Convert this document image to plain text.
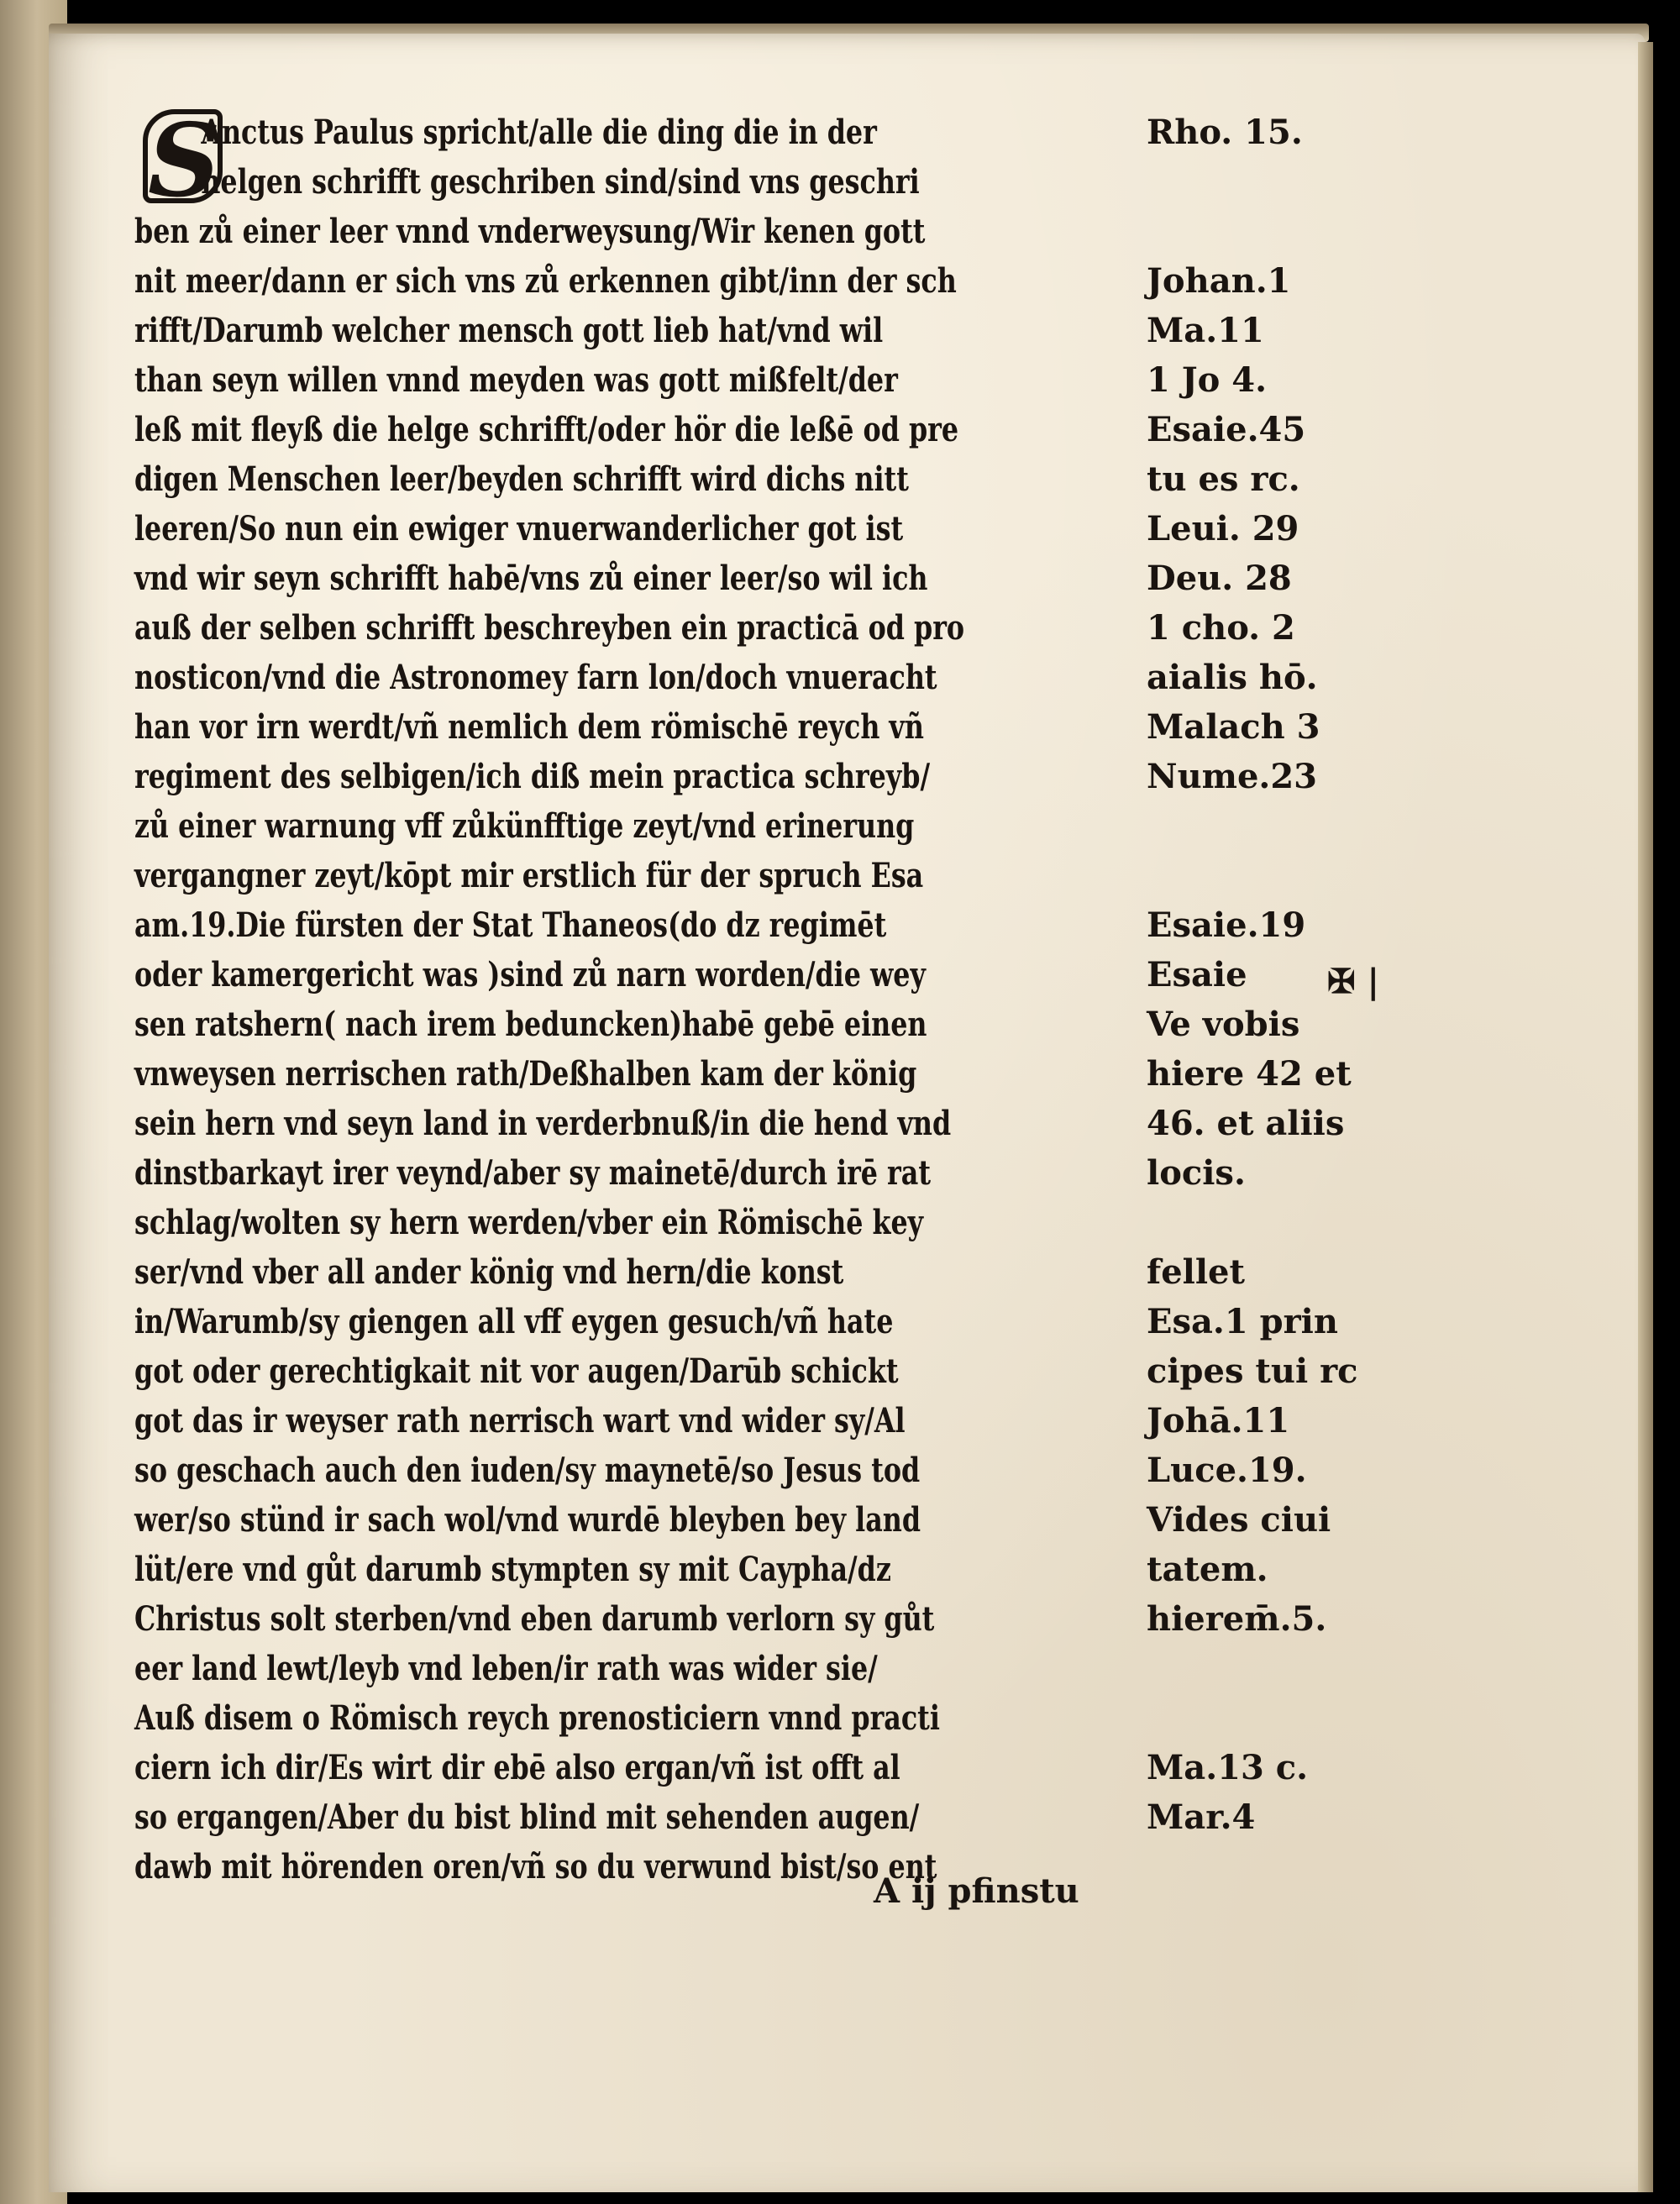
S
Anctus Paulus spricht/alle die ding die in der
helgen schrifft geschriben sind/sind vns geschri
ben zů einer leer vnnd vnderweysung/Wir kenen gott
nit meer/dann er sich vns zů erkennen gibt/inn der sch
rifft/Darumb welcher mensch gott lieb hat/vnd wil
than seyn willen vnnd meyden was gott mißfelt/der
leß mit fleyß die helge schrifft/oder hör die leßē od pre
digen Menschen leer/beyden schrifft wird dichs nitt
leeren/So nun ein ewiger vnuerwanderlicher got ist
vnd wir seyn schrifft habē/vns zů einer leer/so wil ich
auß der selben schrifft beschreyben ein practicā od pro
nosticon/vnd die Astronomey farn lon/doch vnueracht
han vor irn werdt/vñ nemlich dem römischē reych vñ
regiment des selbigen/ich diß mein practica schreyb/
zů einer warnung vff zůkünfftige zeyt/vnd erinerung
vergangner zeyt/kōpt mir erstlich für der spruch Esa
am.19.Die fürsten der Stat Thaneos(do dz regimēt
oder kamergericht was )sind zů narn worden/die wey
sen ratshern( nach irem beduncken)habē gebē einen
vnweysen nerrischen rath/Deßhalben kam der könig
sein hern vnd seyn land in verderbnuß/in die hend vnd
dinstbarkayt irer veynd/aber sy mainetē/durch irē rat
schlag/wolten sy hern werden/vber ein Römischē key
ser/vnd vber all ander könig vnd hern/die konst
in/Warumb/sy giengen all vff eygen gesuch/vñ hate
got oder gerechtigkait nit vor augen/Darūb schickt
got das ir weyser rath nerrisch wart vnd wider sy/Al
so geschach auch den iuden/sy maynetē/so Jesus tod
wer/so stünd ir sach wol/vnd wurdē bleyben bey land
lüt/ere vnd gůt darumb stympten sy mit Caypha/dz
Christus solt sterben/vnd eben darumb verlorn sy gůt
eer land lewt/leyb vnd leben/ir rath was wider sie/
Auß disem o Römisch reych prenosticiern vnnd practi
ciern ich dir/Es wirt dir ebē also ergan/vñ ist offt al
so ergangen/Aber du bist blind mit sehenden augen/
dawb mit hörenden oren/vñ so du verwund bist/so ent
Rho. 15.
Johan.1
Ma.11
1 Jo 4.
Esaie.45
tu es rc.
Leui. 29
Deu. 28
1 cho. 2
aialis hō.
Malach 3
Nume.23
Esaie.19
Esaie
Ve vobis
hiere 42 et
46. et aliis
locis.
fellet
Esa.1 prin
cipes tui rc
Johā.11
Luce.19.
Vides ciui
tatem.
hierem̄.5.
Ma.13 c.
Mar.4
✠ |
A ij pfinstu
